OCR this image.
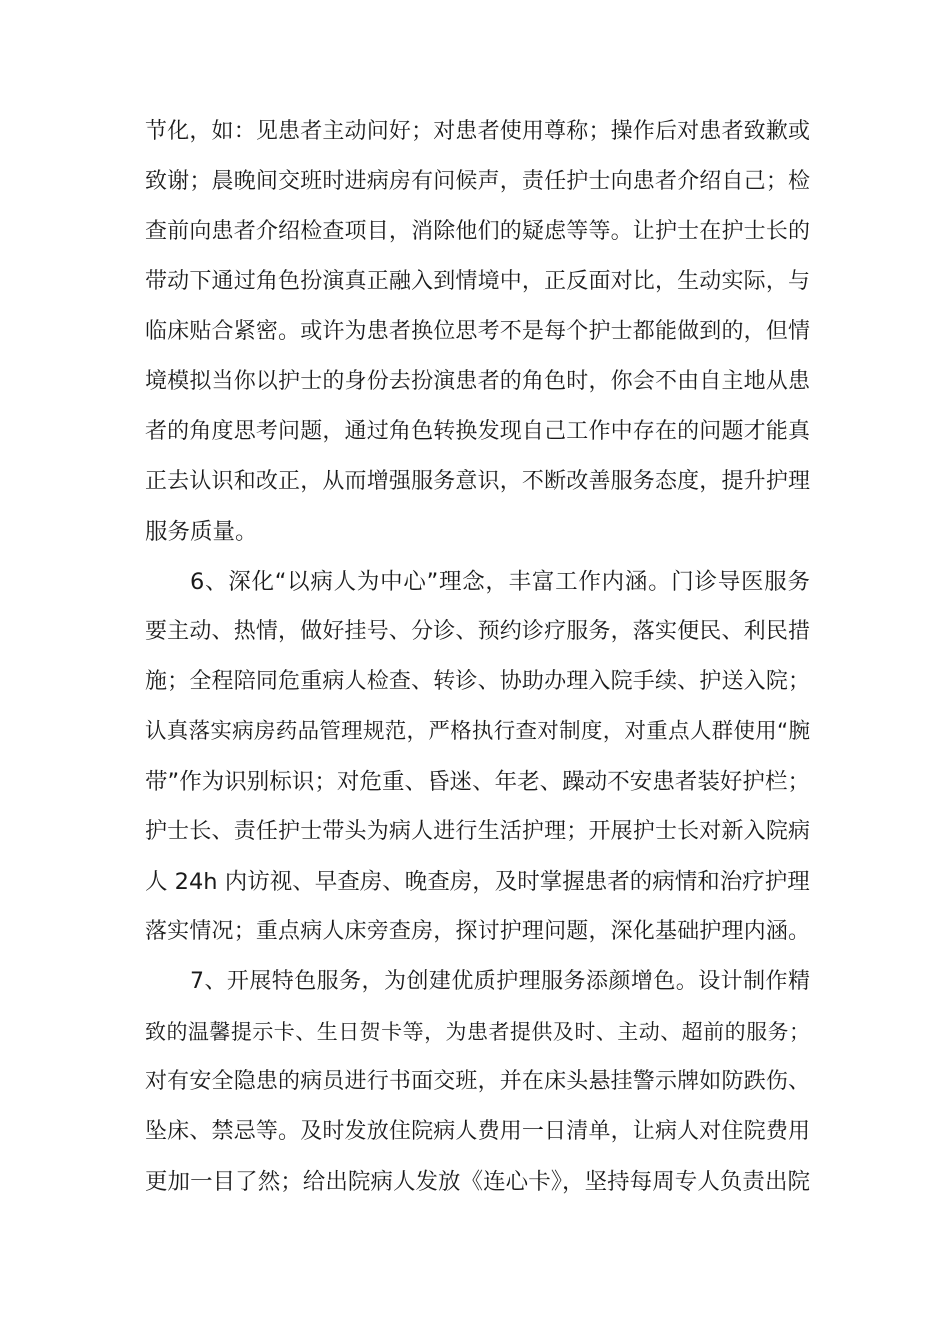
节化，如：见患者主动问好；对患者使用尊称；操作后对患者致歉或
致谢；晨晚间交班时进病房有问候声，责任护士向患者介绍自己；检
查前向患者介绍检查项目，消除他们的疑虑等等。让护士在护士长的
带动下通过角色扮演真正融入到情境中，正反面对比，生动实际，与
临床贴合紧密。或许为患者换位思考不是每个护士都能做到的，但情
境模拟当你以护士的身份去扮演患者的角色时，你会不由自主地从患
者的角度思考问题，通过角色转换发现自己工作中存在的问题才能真
正去认识和改正，从而增强服务意识，不断改善服务态度，提升护理
服务质量。
6、深化“以病人为中心”理念，丰富工作内涵。门诊导医服务
要主动、热情，做好挂号、分诊、预约诊疗服务，落实便民、利民措
施；全程陪同危重病人检查、转诊、协助办理入院手续、护送入院；
认真落实病房药品管理规范，严格执行查对制度，对重点人群使用“腕
带”作为识别标识；对危重、昏迷、年老、躁动不安患者装好护栏；
护士长、责任护士带头为病人进行生活护理；开展护士长对新入院病
人 24h 内访视、早查房、晚查房，及时掌握患者的病情和治疗护理
落实情况；重点病人床旁查房，探讨护理问题，深化基础护理内涵。
7、开展特色服务，为创建优质护理服务添颜增色。设计制作精
致的温馨提示卡、生日贺卡等，为患者提供及时、主动、超前的服务；
对有安全隐患的病员进行书面交班，并在床头悬挂警示牌如防跌伤、
坠床、禁忌等。及时发放住院病人费用一日清单，让病人对住院费用
更加一目了然；给出院病人发放《连心卡》，坚持每周专人负责出院
